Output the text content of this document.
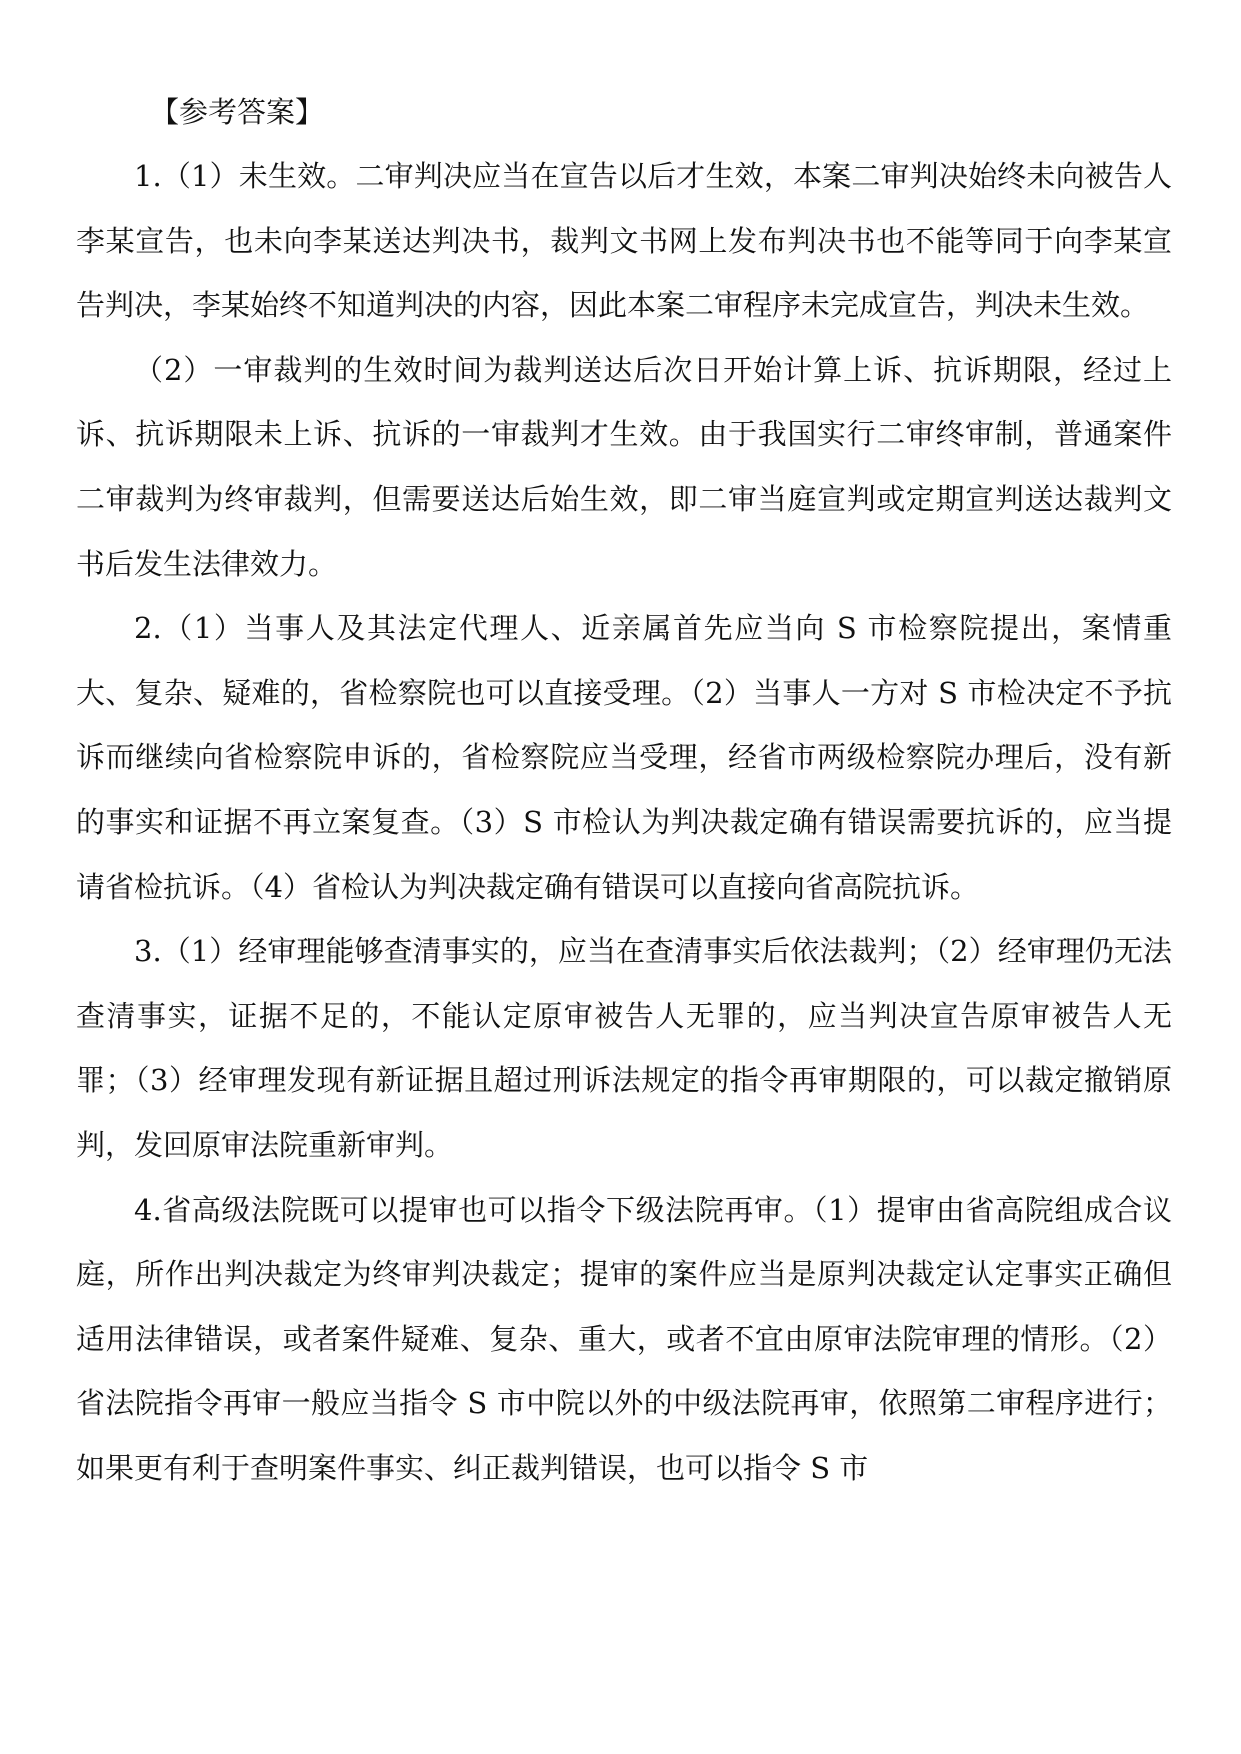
【参考答案】

1.（1）未生效。二审判决应当在宣告以后才生效，本案二审判决始终未向被告人李某宣告，也未向李某送达判决书，裁判文书网上发布判决书也不能等同于向李某宣告判决，李某始终不知道判决的内容，因此本案二审程序未完成宣告，判决未生效。

（2）一审裁判的生效时间为裁判送达后次日开始计算上诉、抗诉期限，经过上诉、抗诉期限未上诉、抗诉的一审裁判才生效。由于我国实行二审终审制，普通案件二审裁判为终审裁判，但需要送达后始生效，即二审当庭宣判或定期宣判送达裁判文书后发生法律效力。

2.（1）当事人及其法定代理人、近亲属首先应当向 S 市检察院提出，案情重大、复杂、疑难的，省检察院也可以直接受理。（2）当事人一方对 S 市检决定不予抗诉而继续向省检察院申诉的，省检察院应当受理，经省市两级检察院办理后，没有新的事实和证据不再立案复查。（3）S 市检认为判决裁定确有错误需要抗诉的，应当提请省检抗诉。（4）省检认为判决裁定确有错误可以直接向省高院抗诉。

3.（1）经审理能够查清事实的，应当在查清事实后依法裁判；（2）经审理仍无法查清事实，证据不足的，不能认定原审被告人无罪的，应当判决宣告原审被告人无罪；（3）经审理发现有新证据且超过刑诉法规定的指令再审期限的，可以裁定撤销原判，发回原审法院重新审判。

4.省高级法院既可以提审也可以指令下级法院再审。（1）提审由省高院组成合议庭，所作出判决裁定为终审判决裁定；提审的案件应当是原判决裁定认定事实正确但适用法律错误，或者案件疑难、复杂、重大，或者不宜由原审法院审理的情形。（2）省法院指令再审一般应当指令 S 市中院以外的中级法院再审，依照第二审程序进行；如果更有利于查明案件事实、纠正裁判错误，也可以指令 S 市
